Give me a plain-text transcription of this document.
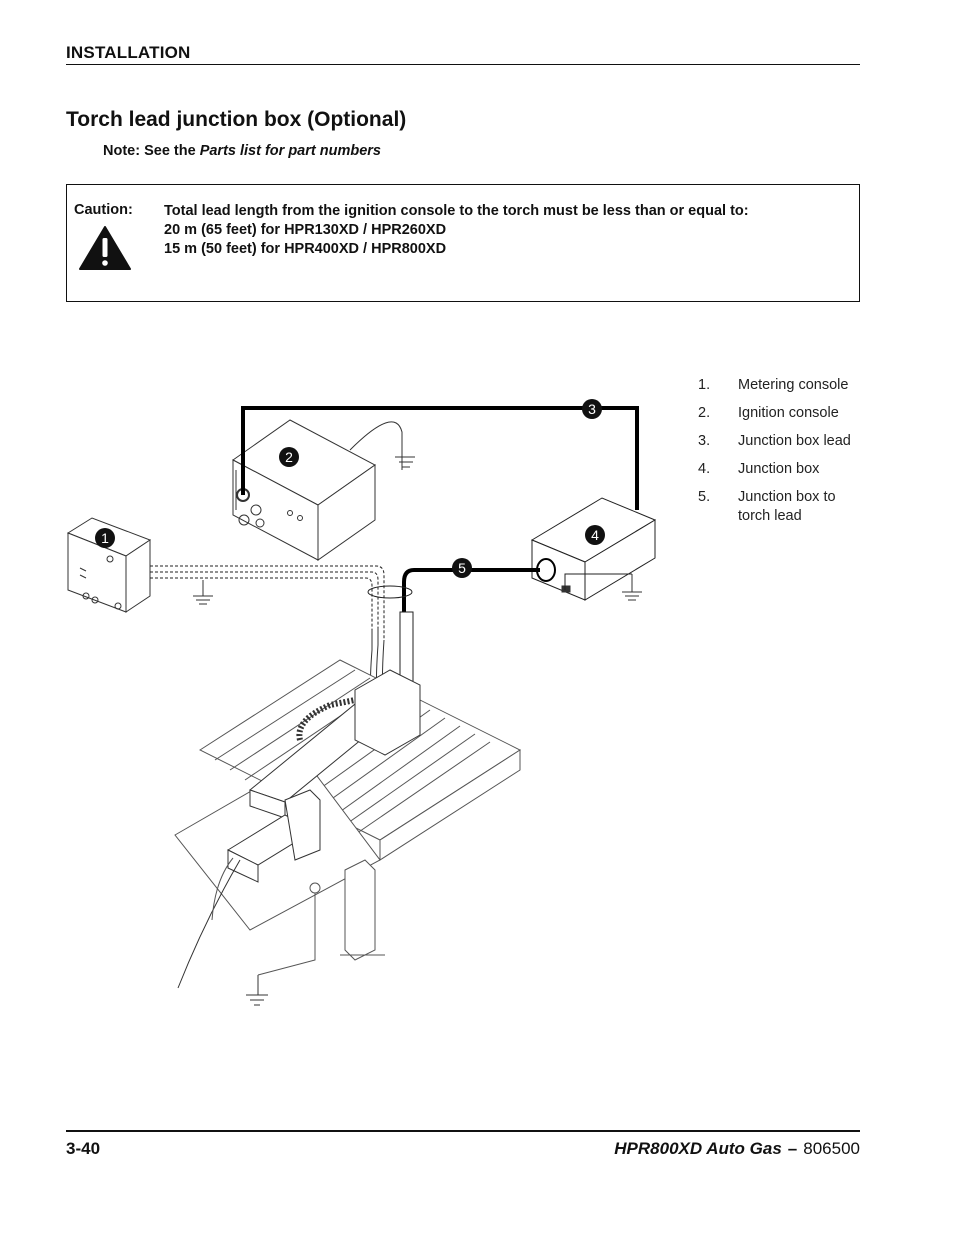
INSTALLATION
Torch lead junction box (Optional)
Note: See the Parts list for part numbers
Caution: Total lead length from the ignition console to the torch must be less than or equal to:
20 m (65 feet) for HPR130XD / HPR260XD
15 m (50 feet) for HPR400XD / HPR800XD
1
2
3
4
5
1.	Metering console
2.	Ignition console
3.	Junction box lead
4.	Junction box
5.	Junction box to torch lead
3-40	HPR800XD Auto Gas – 806500
